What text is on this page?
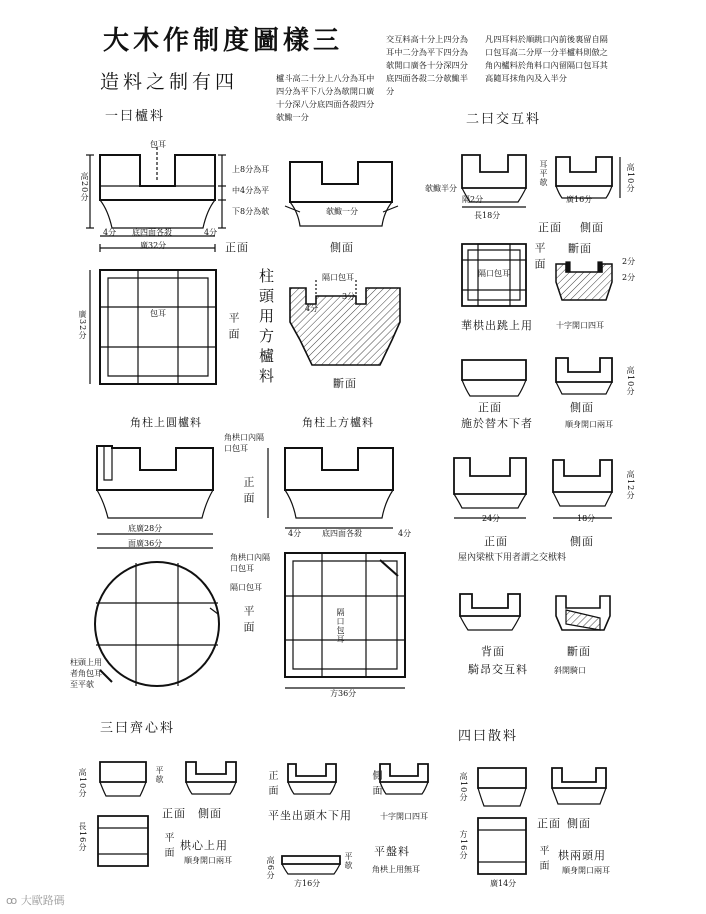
大木作制度圖樣三
造料之制有四	櫨斗高二十分上八分為耳中四分為平下八分為欹開口廣十分深八分底四面各殺四分欹鯫一分
交互料高十分上四分為耳中二分為平下四分為欹開口廣各十分深四分底四面各殺二分欹鯫半分
凡四耳料於順跳口內前後裏留自隔口包耳高二分厚一分半櫨料則倣之角內櫨料於角料口內留隔口包耳其高隨耳抹角內及入半分
一曰櫨料	二曰交互料
三曰齊心料
四曰散料
正面	側面
斷面
平面 柱頭用方櫨料
正面 側面
平面 斷面
華栱出跳上用	十字開口四耳
正面	側面
施於替木下者	順身開口兩耳
角柱上圓櫨料	角柱上方櫨料
正面
平面
正面	側面
屋內梁栿下用者謂之交栿料
背面	斷面
騎昂交互料	斜開騎口
正面 側面
平面 栱心上用
順身開口兩耳
正面	側面
平坐出頭木下用	十字開口四耳
平盤料
角栱上用無耳
正面 側面
平面 栱兩頭用
順身開口兩耳
包耳
上8分為耳
中4分為平
下8分為欹
高20分
4分 底四面各殺	4分
廣32分
欹鯫一分
廣32分	包耳
隔口包耳
欹鯫半分
隔2分
長18分
廣16分
耳平欹	高10分
隔口包耳
2分
2分
高10分
角栱口內隔口包耳
底廣28分
面廣36分
4分	底四面各殺	4分
24分	18分
高12分
角栱口內隔口包耳
隔口包耳
隔口包耳
柱頭上用者角包耳至平欹
方36分
高10分	平欹
長16分
高6分	平欹
方16分
高10分
方16分
廣14分
ꝏ 大歐路碼
